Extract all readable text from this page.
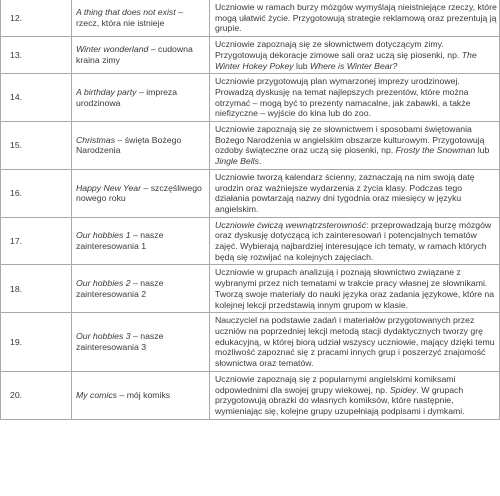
12.	A thing that does not exist – rzecz, która nie istnieje	Uczniowie w ramach burzy mózgów wymyślają nieistniejące rzeczy, które mogą ułatwić życie. Przygotowują strategie reklamową oraz prezentują ją grupie.
13.	Winter wonderland – cudowna kraina zimy	Uczniowie zapoznają się ze słownictwem dotyczącym zimy. Przygotowują dekoracje zimowe sali oraz uczą się piosenki, np. The Winter Hokey Pokey lub Where is Winter Bear?
14.	A birthday party – impreza urodzinowa	Uczniowie przygotowują plan wymarzonej imprezy urodzinowej. Prowadzą dyskusję na temat najlepszych prezentów, które można otrzymać – mogą być to prezenty namacalne, jak zabawki, a także niefizyczne – wyjście do kina lub do zoo.
15.	Christmas – święta Bożego Narodzenia	Uczniowie zapoznają się ze słownictwem i sposobami świętowania Bożego Narodzenia w angielskim obszarze kulturowym. Przygotowują ozdoby świąteczne oraz uczą się piosenki, np. Frosty the Snowman lub Jingle Bells.
16.	Happy New Year – szczęśliwego nowego roku	Uczniowie tworzą kalendarz ścienny, zaznaczają na nim swoją datę urodzin oraz ważniejsze wydarzenia z życia klasy. Podczas tego działania powtarzają nazwy dni tygodnia oraz miesięcy w języku angielskim.
17.	Our hobbies 1 – nasze zainteresowania 1	Uczniowie ćwiczą wewnątrzsterowność: przeprowadzają burzę mózgów oraz dyskusję dotyczącą ich zainteresowań i potencjalnych tematów zajęć. Wybierają najbardziej interesujące ich tematy, w ramach których będą się rozwijać na kolejnych zajęciach.
18.	Our hobbies 2 – nasze zainteresowania 2	Uczniowie w grupach analizują i poznają słownictwo związane z wybranymi przez nich tematami w trakcie pracy własnej ze słownikami. Tworzą swoje materiały do nauki języka oraz zadania językowe, które na kolejnej lekcji przedstawią innym grupom w klasie.
19.	Our hobbies 3 – nasze zainteresowania 3	Nauczyciel na podstawie zadań i materiałów przygotowanych przez uczniów na poprzedniej lekcji metodą stacji dydaktycznych tworzy grę edukacyjną, w której biorą udział wszyscy uczniowie, mający dzięki temu możliwość zapoznać się z pracami innych grup i poszerzyć znajomość słownictwa oraz tematów.
20.	My comics – mój komiks	Uczniowie zapoznają się z popularnymi angielskimi komiksami odpowiednimi dla swojej grupy wiekowej, np. Spidey. W grupach przygotowują obrazki do własnych komiksów, które następnie, wymieniając się, kolejne grupy uzupełniają podpisami i dymkami.
